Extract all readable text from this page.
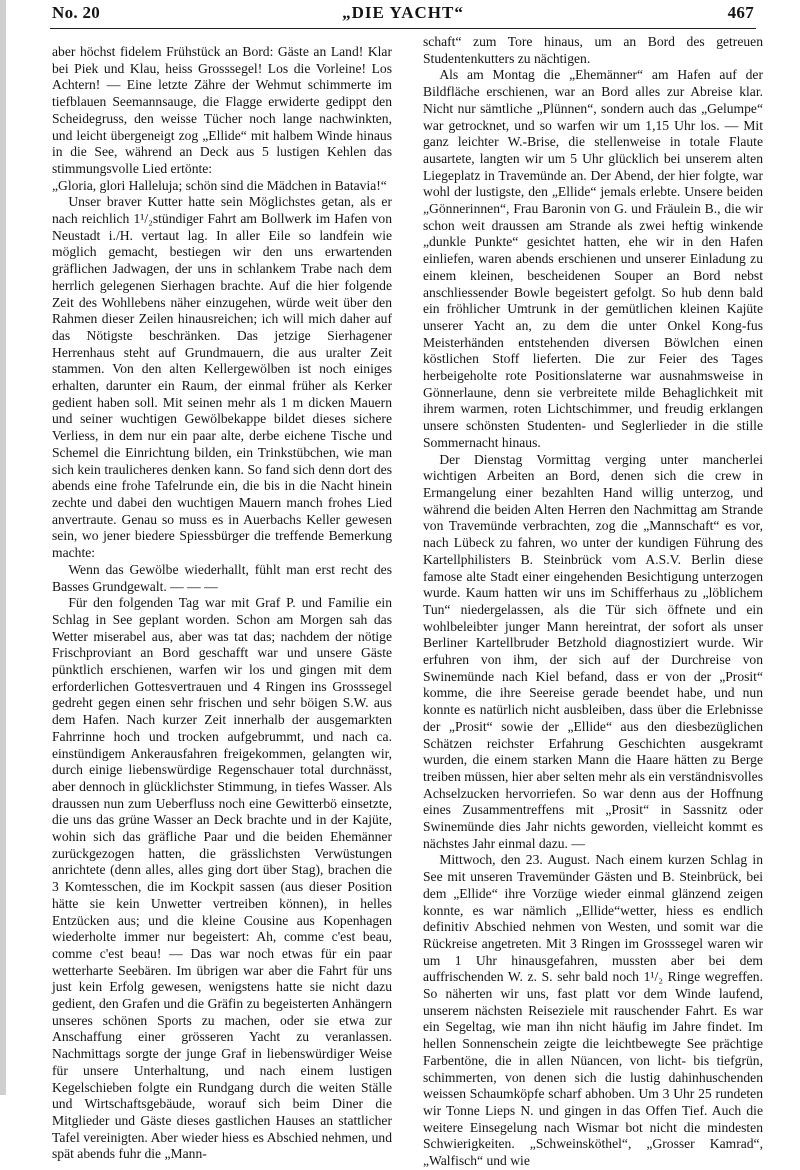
No. 20	„DIE YACHT“	467

aber höchst fidelem Frühstück an Bord: Gäste an Land! Klar bei Piek und Klau, heiss Grosssegel! Los die Vorleine! Los Achtern! — Eine letzte Zähre der Wehmut schimmerte im tiefblauen Seemannsauge, die Flagge erwiderte gedippt den Scheidegruss, den weisse Tücher noch lange nachwinkten, und leicht übergeneigt zog „Ellide“ mit halbem Winde hinaus in die See, während an Deck aus 5 lustigen Kehlen das stimmungsvolle Lied ertönte:

„Gloria, glori Halleluja; schön sind die Mädchen in Batavia!“

Unser braver Kutter hatte sein Möglichstes getan, als er nach reichlich 1¹/₂stündiger Fahrt am Bollwerk im Hafen von Neustadt i./H. vertaut lag. In aller Eile so landfein wie möglich gemacht, bestiegen wir den uns erwartenden gräflichen Jadwagen, der uns in schlankem Trabe nach dem herrlich gelegenen Sierhagen brachte. Auf die hier folgende Zeit des Wohllebens näher einzugehen, würde weit über den Rahmen dieser Zeilen hinausreichen; ich will mich daher auf das Nötigste beschränken. Das jetzige Sierhagener Herrenhaus steht auf Grundmauern, die aus uralter Zeit stammen. Von den alten Kellergewölben ist noch einiges erhalten, darunter ein Raum, der einmal früher als Kerker gedient haben soll. Mit seinen mehr als 1 m dicken Mauern und seiner wuchtigen Gewölbekappe bildet dieses sichere Verliess, in dem nur ein paar alte, derbe eichene Tische und Schemel die Einrichtung bilden, ein Trinkstübchen, wie man sich kein traulicheres denken kann. So fand sich denn dort des abends eine frohe Tafelrunde ein, die bis in die Nacht hinein zechte und dabei den wuchtigen Mauern manch frohes Lied anvertraute. Genau so muss es in Auerbachs Keller gewesen sein, wo jener biedere Spiessbürger die treffende Bemerkung machte:

Wenn das Gewölbe wiederhallt, fühlt man erst recht des Basses Grundgewalt. — — —

Für den folgenden Tag war mit Graf P. und Familie ein Schlag in See geplant worden. Schon am Morgen sah das Wetter miserabel aus, aber was tat das; nachdem der nötige Frischproviant an Bord geschafft war und unsere Gäste pünktlich erschienen, warfen wir los und gingen mit dem erforderlichen Gottesvertrauen und 4 Ringen ins Grosssegel gedreht gegen einen sehr frischen und sehr böigen S.W. aus dem Hafen. Nach kurzer Zeit innerhalb der ausgemarkten Fahrrinne hoch und trocken aufgebrummt, und nach ca. einstündigem Ankerausfahren freigekommen, gelangten wir, durch einige liebenswürdige Regenschauer total durchnässt, aber dennoch in glücklichster Stimmung, in tiefes Wasser. Als draussen nun zum Ueberfluss noch eine Gewitterbö einsetzte, die uns das grüne Wasser an Deck brachte und in der Kajüte, wohin sich das gräfliche Paar und die beiden Ehemänner zurückgezogen hatten, die grässlichsten Verwüstungen anrichtete (denn alles, alles ging dort über Stag), brachen die 3 Komtesschen, die im Kockpit sassen (aus dieser Position hätte sie kein Unwetter vertreiben können), in helles Entzücken aus; und die kleine Cousine aus Kopenhagen wiederholte immer nur begeistert: Ah, comme c'est beau, comme c'est beau! — Das war noch etwas für ein paar wetterharte Seebären. Im übrigen war aber die Fahrt für uns just kein Erfolg gewesen, wenigstens hatte sie nicht dazu gedient, den Grafen und die Gräfin zu begeisterten Anhängern unseres schönen Sports zu machen, oder sie etwa zur Anschaffung einer grösseren Yacht zu veranlassen. Nachmittags sorgte der junge Graf in liebenswürdiger Weise für unsere Unterhaltung, und nach einem lustigen Kegelschieben folgte ein Rundgang durch die weiten Ställe und Wirtschaftsgebäude, worauf sich beim Diner die Mitglieder und Gäste dieses gastlichen Hauses an stattlicher Tafel vereinigten. Aber wieder hiess es Abschied nehmen, und spät abends fuhr die „Mann-

schaft“ zum Tore hinaus, um an Bord des getreuen Studentenkutters zu nächtigen.

Als am Montag die „Ehemänner“ am Hafen auf der Bildfläche erschienen, war an Bord alles zur Abreise klar. Nicht nur sämtliche „Plünnen“, sondern auch das „Gelumpe“ war getrocknet, und so warfen wir um 1,15 Uhr los. — Mit ganz leichter W.-Brise, die stellenweise in totale Flaute ausartete, langten wir um 5 Uhr glücklich bei unserem alten Liegeplatz in Travemünde an. Der Abend, der hier folgte, war wohl der lustigste, den „Ellide“ jemals erlebte. Unsere beiden „Gönnerinnen“, Frau Baronin von G. und Fräulein B., die wir schon weit draussen am Strande als zwei heftig winkende „dunkle Punkte“ gesichtet hatten, ehe wir in den Hafen einliefen, waren abends erschienen und unserer Einladung zu einem kleinen, bescheidenen Souper an Bord nebst anschliessender Bowle begeistert gefolgt. So hub denn bald ein fröhlicher Umtrunk in der gemütlichen kleinen Kajüte unserer Yacht an, zu dem die unter Onkel Kong-fus Meisterhänden entstehenden diversen Böwlchen einen köstlichen Stoff lieferten. Die zur Feier des Tages herbeigeholte rote Positionslaterne war ausnahmsweise in Gönnerlaune, denn sie verbreitete milde Behaglichkeit mit ihrem warmen, roten Lichtschimmer, und freudig erklangen unsere schönsten Studenten- und Seglerlieder in die stille Sommernacht hinaus.

Der Dienstag Vormittag verging unter mancherlei wichtigen Arbeiten an Bord, denen sich die crew in Ermangelung einer bezahlten Hand willig unterzog, und während die beiden Alten Herren den Nachmittag am Strande von Travemünde verbrachten, zog die „Mannschaft“ es vor, nach Lübeck zu fahren, wo unter der kundigen Führung des Kartellphilisters B. Steinbrück vom A.S.V. Berlin diese famose alte Stadt einer eingehenden Besichtigung unterzogen wurde. Kaum hatten wir uns im Schifferhaus zu „löblichem Tun“ niedergelassen, als die Tür sich öffnete und ein wohlbeleibter junger Mann hereintrat, der sofort als unser Berliner Kartellbruder Betzhold diagnostiziert wurde. Wir erfuhren von ihm, der sich auf der Durchreise von Swinemünde nach Kiel befand, dass er von der „Prosit“ komme, die ihre Seereise gerade beendet habe, und nun konnte es natürlich nicht ausbleiben, dass über die Erlebnisse der „Prosit“ sowie der „Ellide“ aus den diesbezüglichen Schätzen reichster Erfahrung Geschichten ausgekramt wurden, die einem starken Mann die Haare hätten zu Berge treiben müssen, hier aber selten mehr als ein verständnisvolles Achselzucken hervorriefen. So war denn aus der Hoffnung eines Zusammentreffens mit „Prosit“ in Sassnitz oder Swinemünde dies Jahr nichts geworden, vielleicht kommt es nächstes Jahr einmal dazu. —

Mittwoch, den 23. August. Nach einem kurzen Schlag in See mit unseren Travemünder Gästen und B. Steinbrück, bei dem „Ellide“ ihre Vorzüge wieder einmal glänzend zeigen konnte, es war nämlich „Ellide“wetter, hiess es endlich definitiv Abschied nehmen von Westen, und somit war die Rückreise angetreten. Mit 3 Ringen im Grosssegel waren wir um 1 Uhr hinausgefahren, mussten aber bei dem auffrischenden W. z. S. sehr bald noch 1¹/₂ Ringe wegreffen. So näherten wir uns, fast platt vor dem Winde laufend, unserem nächsten Reiseziele mit rauschender Fahrt. Es war ein Segeltag, wie man ihn nicht häufig im Jahre findet. Im hellen Sonnenschein zeigte die leichtbewegte See prächtige Farbentöne, die in allen Nüancen, von licht- bis tiefgrün, schimmerten, von denen sich die lustig dahinhuschenden weissen Schaumköpfe scharf abhoben. Um 3 Uhr 25 rundeten wir Tonne Lieps N. und gingen in das Offen Tief. Auch die weitere Einsegelung nach Wismar bot nicht die mindesten Schwierigkeiten. „Schweinsköthel“, „Grosser Kamrad“, „Walfisch“ und wie
